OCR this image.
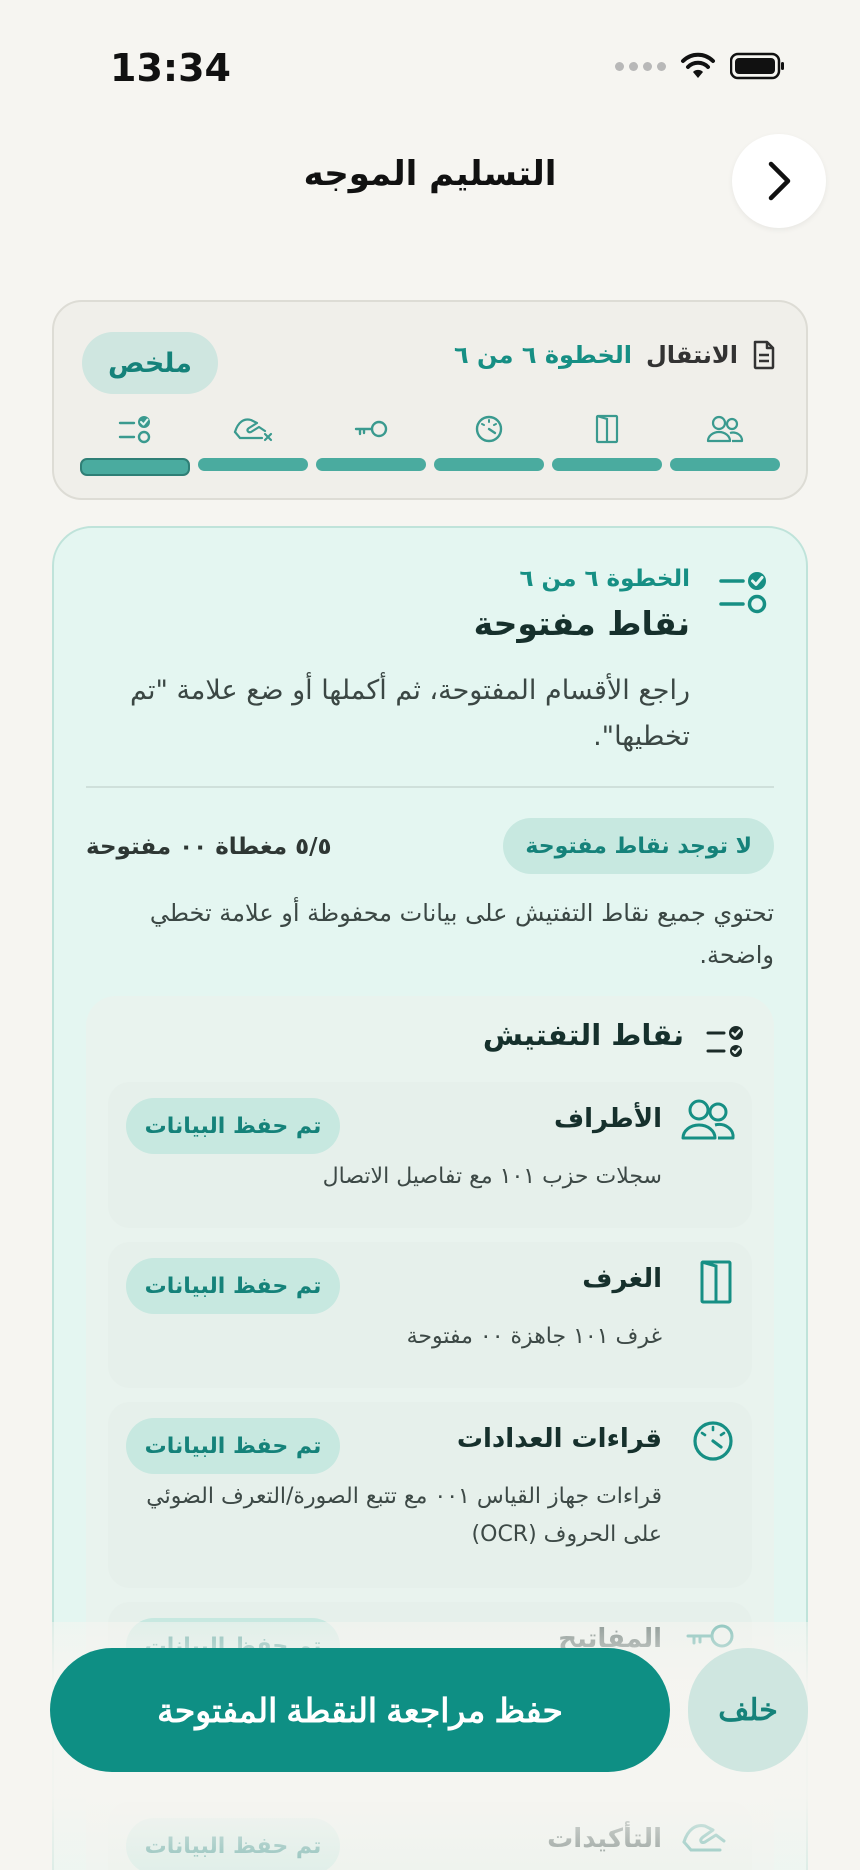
13:34
التسليم الموجه
الانتقال
الخطوة ٦ من ٦
ملخص
الخطوة ٦ من ٦
نقاط مفتوحة
راجع الأقسام المفتوحة، ثم أكملها أو ضع علامة "تم تخطيها".
لا توجد نقاط مفتوحة
٥/٥ مغطاة ٠٠ مفتوحة
تحتوي جميع نقاط التفتيش على بيانات محفوظة أو علامة تخطي واضحة.
نقاط التفتيش
الأطراف
سجلات حزب ١٠١ مع تفاصيل الاتصال
تم حفظ البيانات
الغرف
غرف ١٠١ جاهزة ٠٠ مفتوحة
تم حفظ البيانات
قراءات العدادات
قراءات جهاز القياس ٠٠١ مع تتبع الصورة/التعرف الضوئي على الحروف (OCR)
تم حفظ البيانات
حفظ مراجعة النقطة المفتوحة	خلف
